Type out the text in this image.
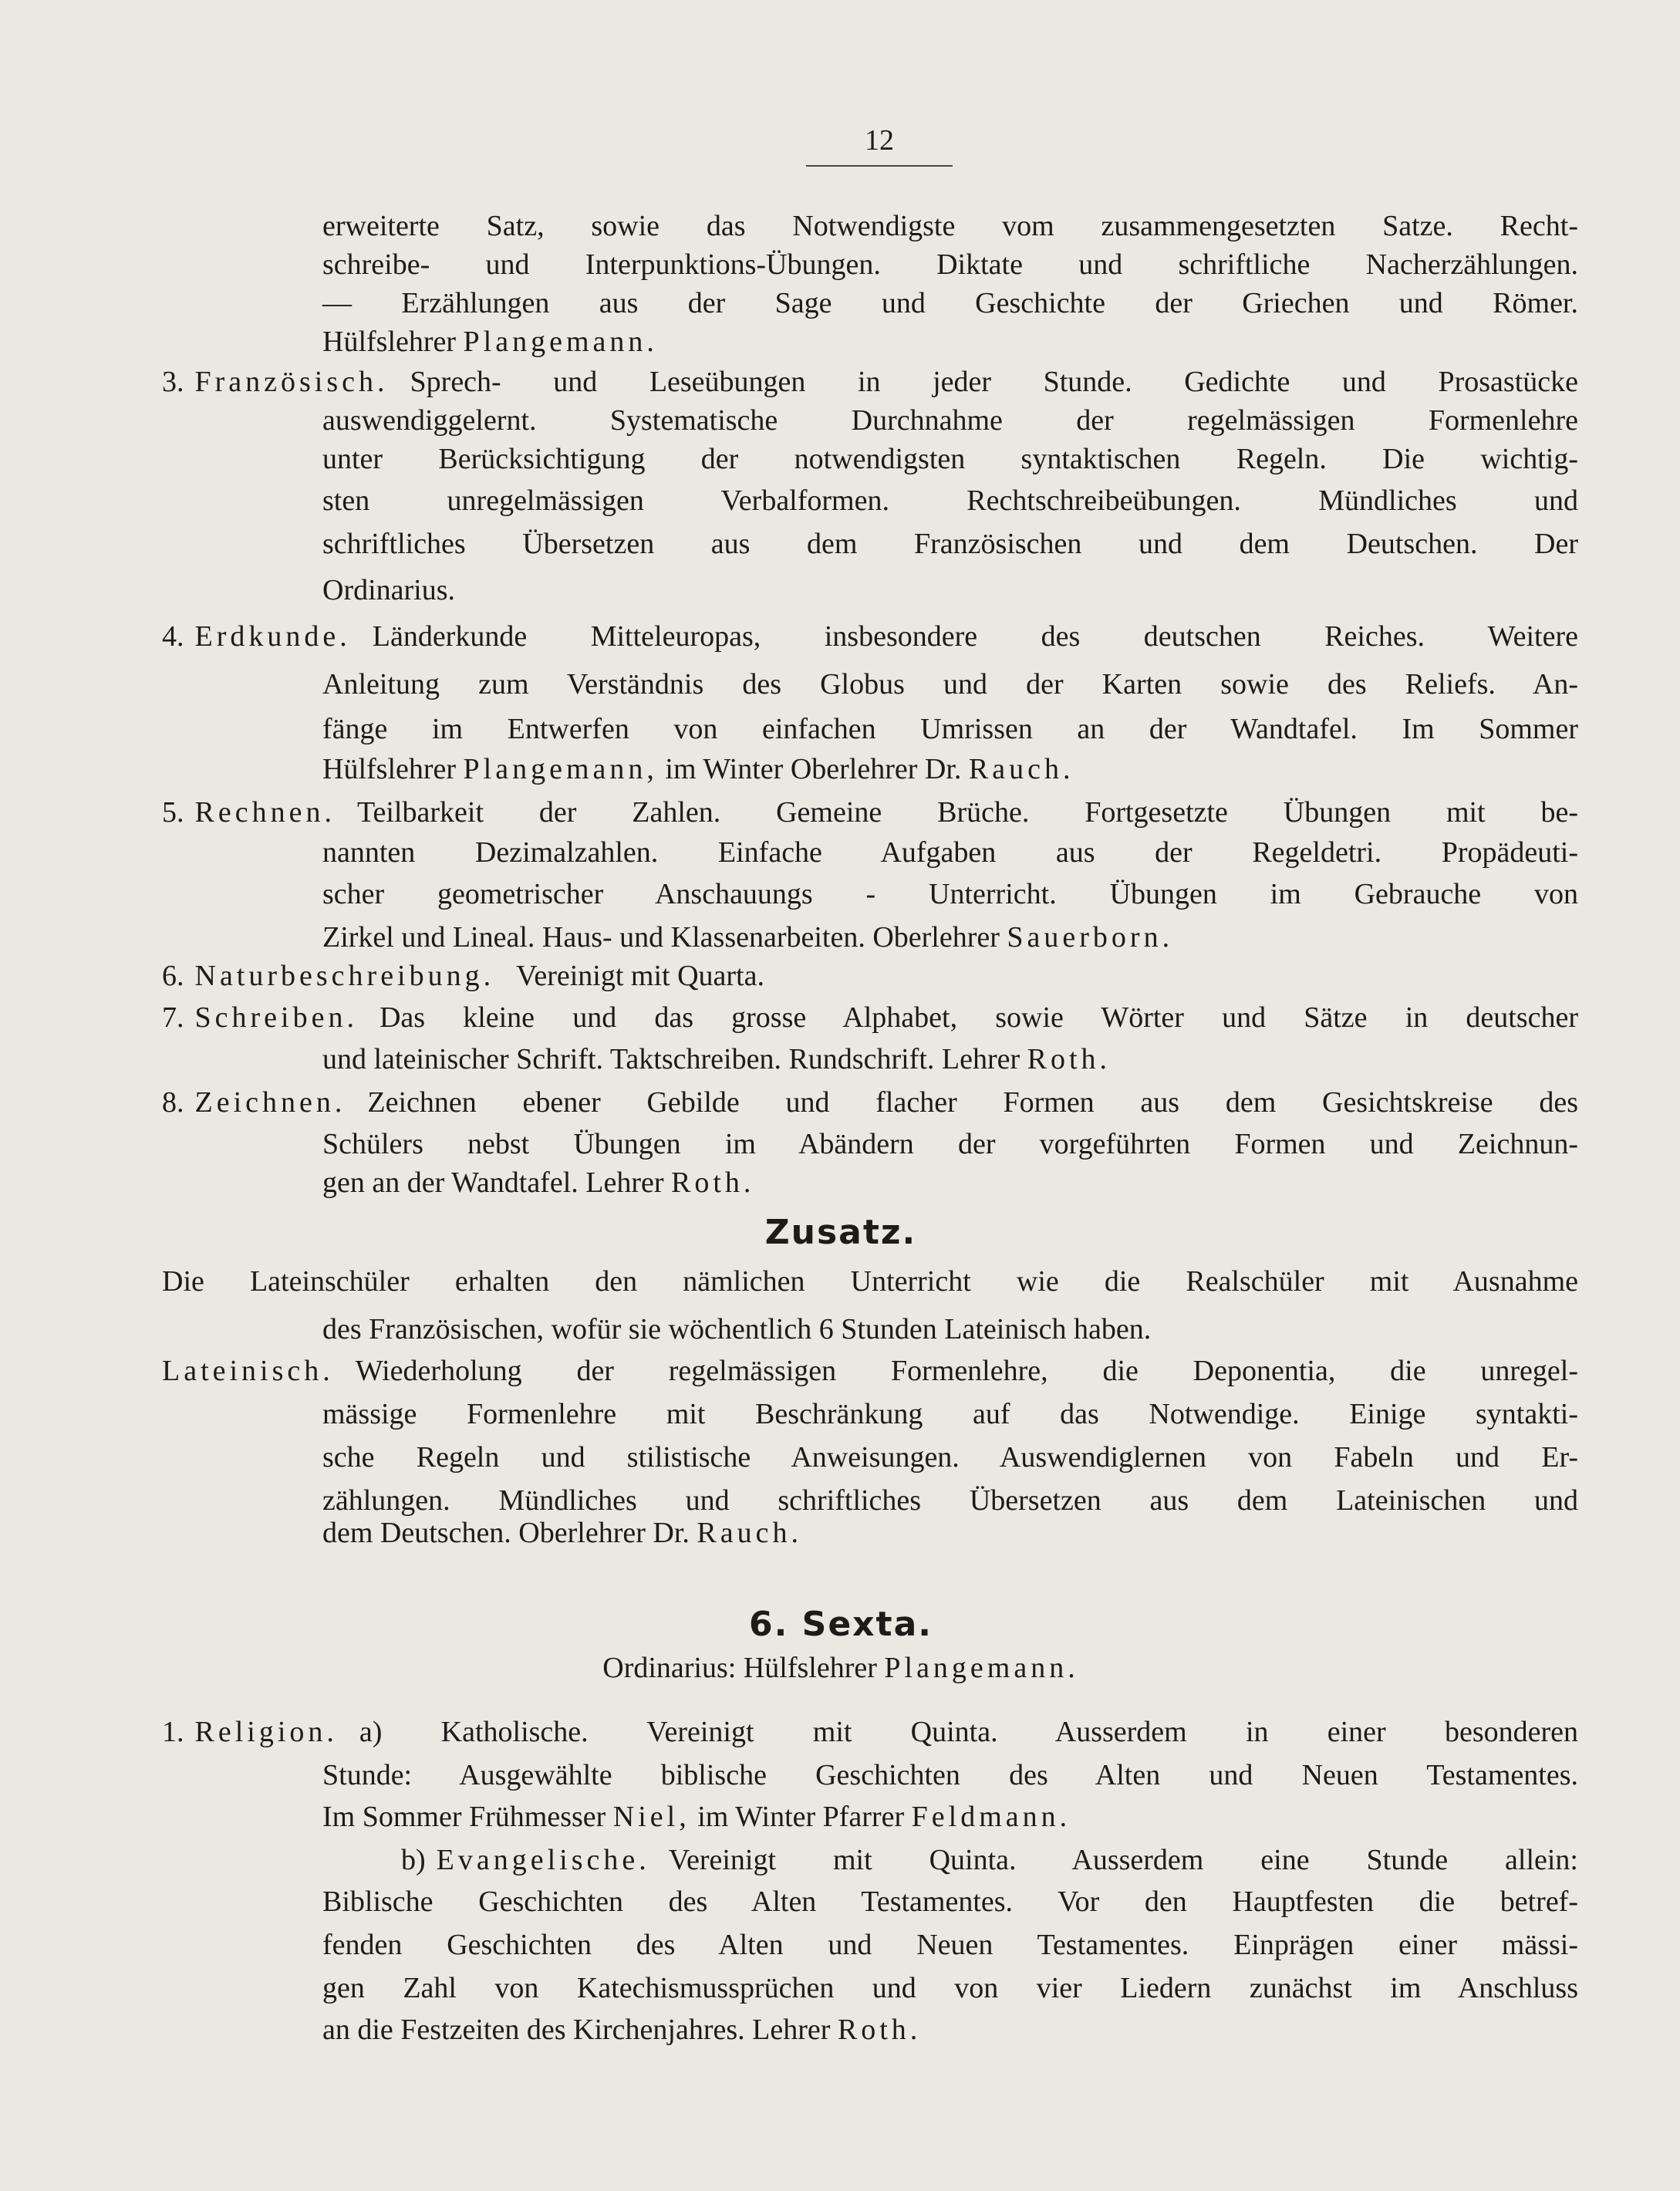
12
erweiterte Satz, sowie das Notwendigste vom zusammengesetzten Satze. Recht-
schreibe- und Interpunktions-Übungen. Diktate und schriftliche Nacherzählungen.
— Erzählungen aus der Sage und Geschichte der Griechen und Römer.
Hülfslehrer Plangemann.
3. Französisch. Sprech- und Leseübungen in jeder Stunde. Gedichte und Prosastücke
auswendiggelernt. Systematische Durchnahme der regelmässigen Formenlehre
unter Berücksichtigung der notwendigsten syntaktischen Regeln. Die wichtig-
sten unregelmässigen Verbalformen. Rechtschreibeübungen. Mündliches und
schriftliches Übersetzen aus dem Französischen und dem Deutschen. Der
Ordinarius.
4. Erdkunde. Länderkunde Mitteleuropas, insbesondere des deutschen Reiches. Weitere
Anleitung zum Verständnis des Globus und der Karten sowie des Reliefs. An-
fänge im Entwerfen von einfachen Umrissen an der Wandtafel. Im Sommer
Hülfslehrer Plangemann, im Winter Oberlehrer Dr. Rauch.
5. Rechnen. Teilbarkeit der Zahlen. Gemeine Brüche. Fortgesetzte Übungen mit be-
nannten Dezimalzahlen. Einfache Aufgaben aus der Regeldetri. Propädeuti-
scher geometrischer Anschauungs - Unterricht. Übungen im Gebrauche von
Zirkel und Lineal. Haus- und Klassenarbeiten. Oberlehrer Sauerborn.
6. Naturbeschreibung. Vereinigt mit Quarta.
7. Schreiben. Das kleine und das grosse Alphabet, sowie Wörter und Sätze in deutscher
und lateinischer Schrift. Taktschreiben. Rundschrift. Lehrer Roth.
8. Zeichnen. Zeichnen ebener Gebilde und flacher Formen aus dem Gesichtskreise des
Schülers nebst Übungen im Abändern der vorgeführten Formen und Zeichnun-
gen an der Wandtafel. Lehrer Roth.
Zusatz.
Die Lateinschüler erhalten den nämlichen Unterricht wie die Realschüler mit Ausnahme
des Französischen, wofür sie wöchentlich 6 Stunden Lateinisch haben.
Lateinisch. Wiederholung der regelmässigen Formenlehre, die Deponentia, die unregel-
mässige Formenlehre mit Beschränkung auf das Notwendige. Einige syntakti-
sche Regeln und stilistische Anweisungen. Auswendiglernen von Fabeln und Er-
zählungen. Mündliches und schriftliches Übersetzen aus dem Lateinischen und
dem Deutschen. Oberlehrer Dr. Rauch.
6. Sexta.
Ordinarius: Hülfslehrer Plangemann.
1. Religion. a) Katholische. Vereinigt mit Quinta. Ausserdem in einer besonderen
Stunde: Ausgewählte biblische Geschichten des Alten und Neuen Testamentes.
Im Sommer Frühmesser Niel, im Winter Pfarrer Feldmann.
b) Evangelische. Vereinigt mit Quinta. Ausserdem eine Stunde allein:
Biblische Geschichten des Alten Testamentes. Vor den Hauptfesten die betref-
fenden Geschichten des Alten und Neuen Testamentes. Einprägen einer mässi-
gen Zahl von Katechismussprüchen und von vier Liedern zunächst im Anschluss
an die Festzeiten des Kirchenjahres. Lehrer Roth.
